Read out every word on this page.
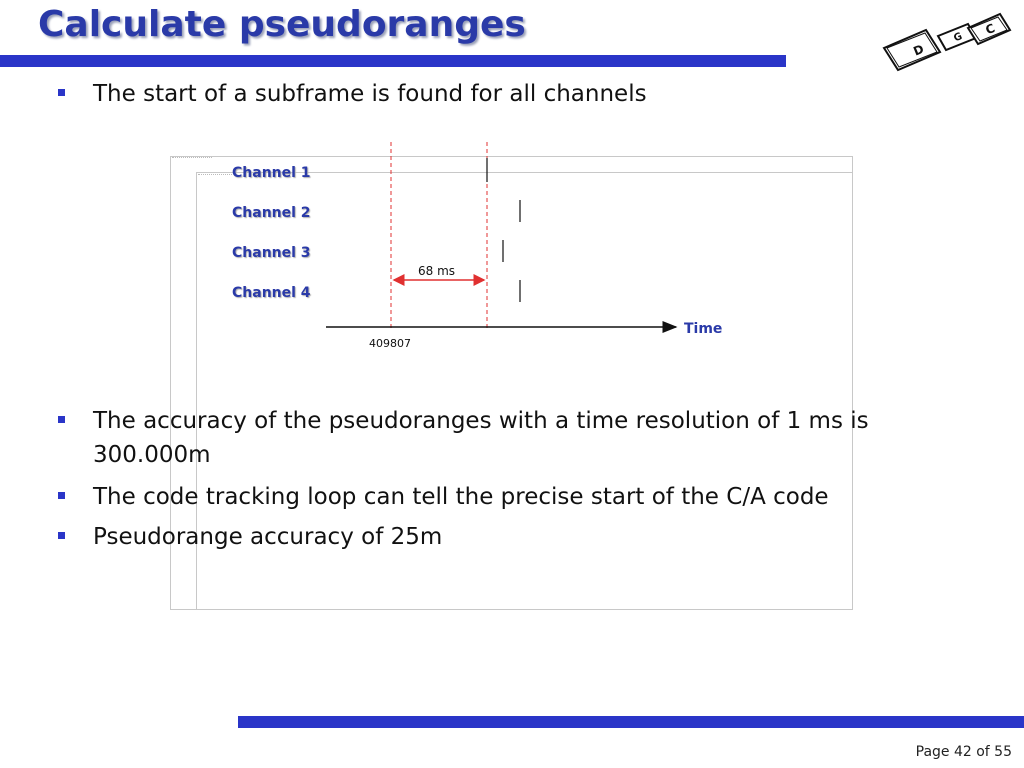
Calculate pseudoranges
D
G
C
The start of a subframe is found for all channels
Channel 1
Channel 2
Channel 3
Channel 4
68 ms
409807
Time
The accuracy of the pseudoranges with a time resolution of 1 ms is 300.000m
The code tracking loop can tell the precise start of the C/A code
Pseudorange accuracy of 25m
Page 42 of 55
